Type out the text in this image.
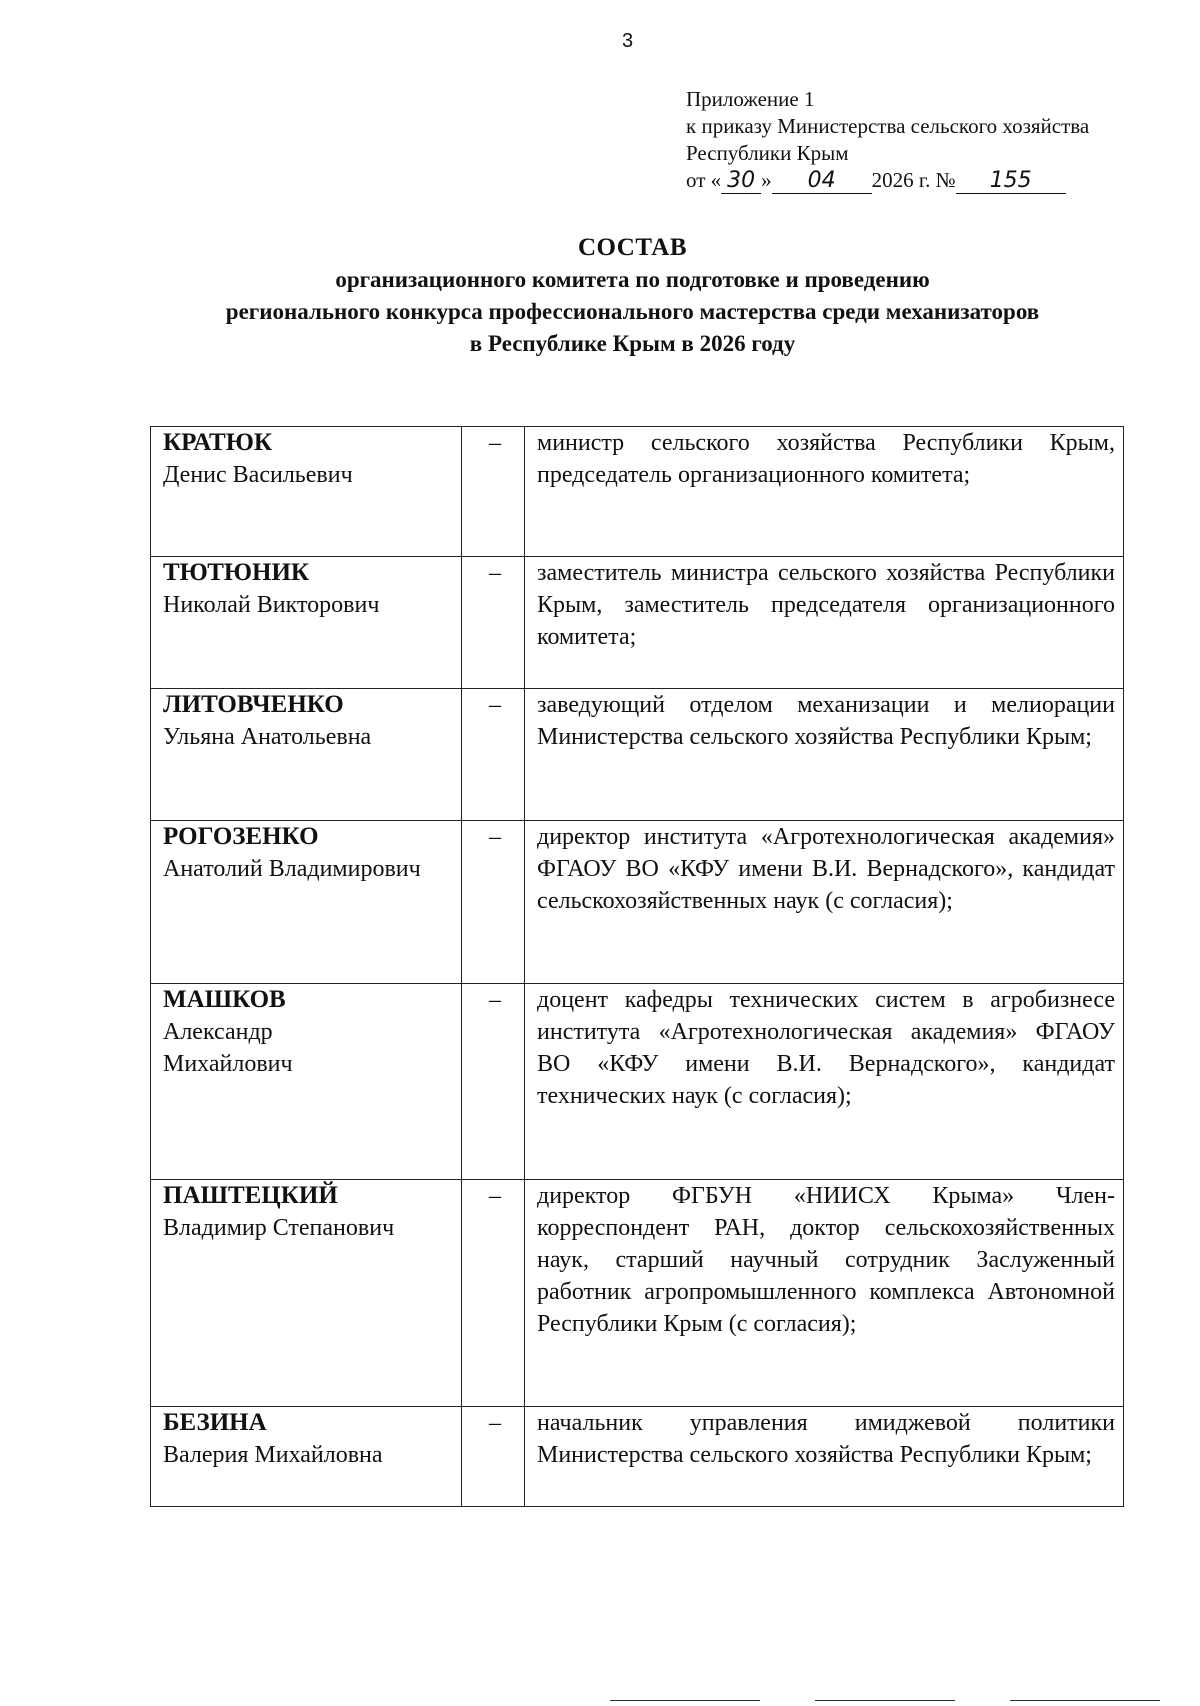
3
Приложение 1
к приказу Министерства сельского хозяйства
Республики Крым
от « 30 » 04 2026 г. № 155
СОСТАВ
организационного комитета по подготовке и проведению
регионального конкурса профессионального мастерства среди механизаторов
в Республике Крым в 2026 году
КРАТЮК
Денис Васильевич	–	министр сельского хозяйства Республики Крым, председатель организационного комитета;
ТЮТЮНИК
Николай Викторович	–	заместитель министра сельского хозяйства Республики Крым, заместитель председателя организационного комитета;
ЛИТОВЧЕНКО
Ульяна Анатольевна	–	заведующий отделом механизации и мелиорации Министерства сельского хозяйства Республики Крым;
РОГОЗЕНКО
Анатолий Владимирович	–	директор института «Агротехнологическая академия» ФГАОУ ВО «КФУ имени В.И. Вернадского», кандидат сельскохозяйственных наук (с согласия);
МАШКОВ
Александр Михайлович	–	доцент кафедры технических систем в агробизнесе института «Агротехнологическая академия» ФГАОУ ВО «КФУ имени В.И. Вернадского», кандидат технических наук (с согласия);
ПАШТЕЦКИЙ
Владимир Степанович	–	директор ФГБУН «НИИСХ Крыма» Член-корреспондент РАН, доктор сельскохозяйственных наук, старший научный сотрудник Заслуженный работник агропромышленного комплекса Автономной Республики Крым (с согласия);
БЕЗИНА
Валерия Михайловна	–	начальник управления имиджевой политики Министерства сельского хозяйства Республики Крым;
